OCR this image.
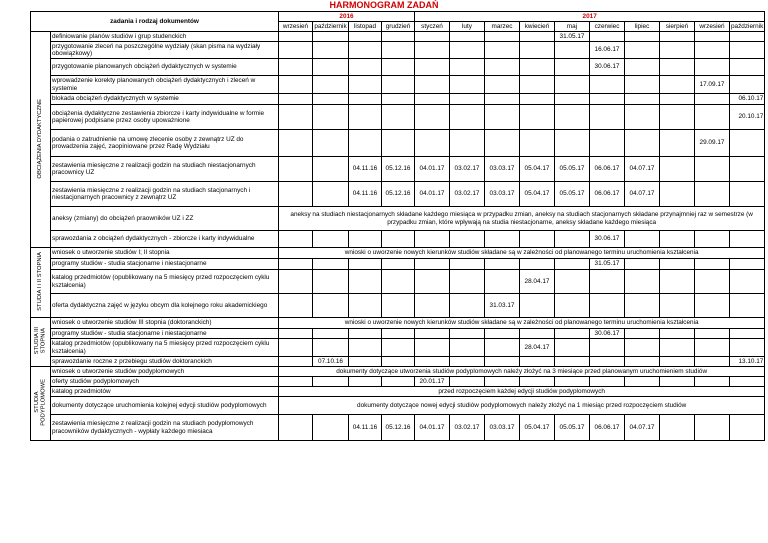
HARMONOGRAM ZADAŃ
zadania i rodzaj dokumentów		2016				2017									
		wrzesień	październik	listopad	grudzień	styczeń	luty	marzec	kwiecień	maj	czerwiec	lipiec	sierpień	wrzesień	październik
OBCIĄŻENIA DYDAKTYCZNE	definiowanie planów studiów i grup studenckich									31.05.17					
	przygotowanie zleceń na poszczególne wydziały (skan pisma na wydziały obowiązkowy)										16.06.17				
	przygotowanie planowanych obciążeń dydaktycznych w systemie										30.06.17				
	wprowadzenie korekty planowanych obciążeń dydaktycznych i zleceń w systemie													17.09.17	
	blokada obciążeń dydaktycznych w systemie														06.10.17
	obciążenia dydaktyczne zestawienia zbiorcze i karty indywidualne w formie papierowej podpisane przez osoby upoważnione														20.10.17
	podania o zatrudnienie na umowę zlecenie osoby z zewnątrz UZ do prowadzenia zajęć, zaopiniowane przez Radę Wydziału													29.09.17	
	zestawienia miesięczne z realizacji godzin na studiach niestacjonarnych pracownicy UZ			04.11.16	05.12.16	04.01.17	03.02.17	03.03.17	05.04.17	05.05.17	06.06.17	04.07.17			
	zestawienia miesięczne z realizacji godzin na studiach stacjonarnych i niestacjonarnych pracownicy z zewnątrz UZ			04.11.16	05.12.16	04.01.17	03.02.17	03.03.17	05.04.17	05.05.17	06.06.17	04.07.17			
	aneksy (zmiany) do obciążeń praowników UZ i ZZ	aneksy na studiach niestacjonarnych składane każdego miesiąca w przypadku zmian, aneksy na studiach stacjonarnych składane przynajmniej raz w semestrze (w przypadku zmian, które wpływają na studia niestacjonarne, aneksy składane każdego miesiąca													
	sprawozdania z obciążeń dydaktycznych - zbiorcze i karty indywidualne										30.06.17				
STUDIA I i II STOPNIA	wniosek o utworzenie studiów I; II stopnia	wnioski o uworzenie nowych kierunków studiów składane są w zależności od planowanego terminu uruchomienia kształcenia													
	programy studiów - studia stacjonarne i niestacjonarne										31.05.17				
	katalog przedmiotów (opublikowany na 5 miesięcy przed rozpoczęciem cyklu kształcenia)								28.04.17						
	oferta dydaktyczna zajęć w języku obcym dla kolejnego roku akademickiego							31.03.17							
STUDIA III
STOPNIA	wniosek o utworzenie studiów III stopnia (doktoranckich)	wnioski o uworzenie nowych kierunków studiów składane są w zależności od planowanego terminu uruchomienia kształcenia													
	programy studiów - studia stacjonarne i niestacjonarne										30.06.17				
	katalog przedmiotów (opublikowany na 5 miesięcy przed rozpoczęciem cyklu kształcenia)								28.04.17						
	sprawozdanie roczne z przebiegu studiów doktoranckich		07.10.16												13.10.17
STUDIA
PODYPLOMOWE	wniosek o utworzenie studiów podyplomowych	dokumenty dotyczące utworzenia studiów podyplomowych należy złożyć na 3 miesiące przed planowanym uruchomieniem studiów													
	oferty studiów podyplomowych					20.01.17									
	katalog przedmiotów	przed rozpoczęciem każdej edycji studiów podyplomowych													
	dokumenty dotyczące uruchomienia kolejnej edycji studiów podyplomowych	dokumenty dotyczące nowej edycji studiów podyplomowych należy złożyć na 1 miesiąc przed rozpoczęciem studiów													
	zestawienia miesięczne z realizacji godzin na studiach podyplomowych pracowników dydaktycznych - wypłaty każdego miesiaca			04.11.16	05.12.16	04.01.17	03.02.17	03.03.17	05.04.17	05.05.17	06.06.17	04.07.17			
